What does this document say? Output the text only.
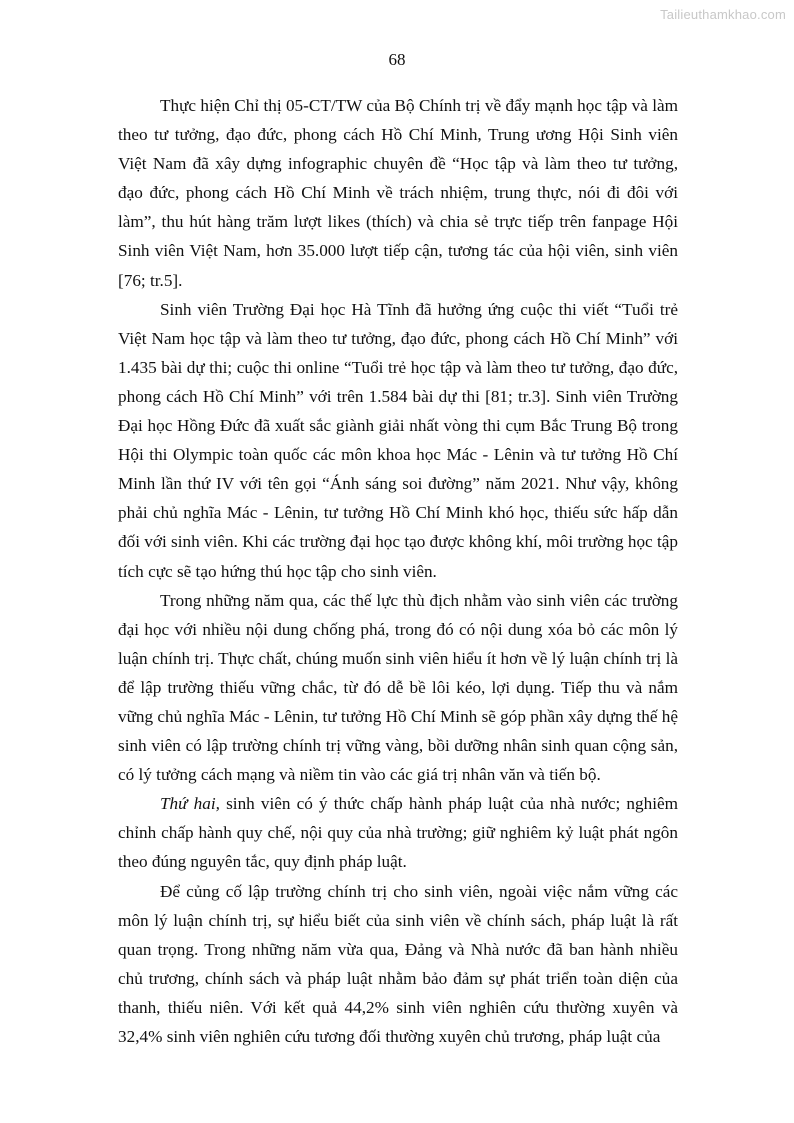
Tailieuthamkhao.com
68

Thực hiện Chỉ thị 05-CT/TW của Bộ Chính trị về đẩy mạnh học tập và làm theo tư tưởng, đạo đức, phong cách Hồ Chí Minh, Trung ương Hội Sinh viên Việt Nam đã xây dựng infographic chuyên đề “Học tập và làm theo tư tưởng, đạo đức, phong cách Hồ Chí Minh về trách nhiệm, trung thực, nói đi đôi với làm”, thu hút hàng trăm lượt likes (thích) và chia sẻ trực tiếp trên fanpage Hội Sinh viên Việt Nam, hơn 35.000 lượt tiếp cận, tương tác của hội viên, sinh viên [76; tr.5].

Sinh viên Trường Đại học Hà Tĩnh đã hưởng ứng cuộc thi viết “Tuổi trẻ Việt Nam học tập và làm theo tư tưởng, đạo đức, phong cách Hồ Chí Minh” với 1.435 bài dự thi; cuộc thi online “Tuổi trẻ học tập và làm theo tư tưởng, đạo đức, phong cách Hồ Chí Minh” với trên 1.584 bài dự thi [81; tr.3]. Sinh viên Trường Đại học Hồng Đức đã xuất sắc giành giải nhất vòng thi cụm Bắc Trung Bộ trong Hội thi Olympic toàn quốc các môn khoa học Mác - Lênin và tư tưởng Hồ Chí Minh lần thứ IV với tên gọi “Ánh sáng soi đường” năm 2021. Như vậy, không phải chủ nghĩa Mác - Lênin, tư tưởng Hồ Chí Minh khó học, thiếu sức hấp dẫn đối với sinh viên. Khi các trường đại học tạo được không khí, môi trường học tập tích cực sẽ tạo hứng thú học tập cho sinh viên.

Trong những năm qua, các thế lực thù địch nhằm vào sinh viên các trường đại học với nhiều nội dung chống phá, trong đó có nội dung xóa bỏ các môn lý luận chính trị. Thực chất, chúng muốn sinh viên hiểu ít hơn về lý luận chính trị là để lập trường thiếu vững chắc, từ đó dễ bề lôi kéo, lợi dụng. Tiếp thu và nắm vững chủ nghĩa Mác - Lênin, tư tưởng Hồ Chí Minh sẽ góp phần xây dựng thế hệ sinh viên có lập trường chính trị vững vàng, bồi dưỡng nhân sinh quan cộng sản, có lý tưởng cách mạng và niềm tin vào các giá trị nhân văn và tiến bộ.

Thứ hai, sinh viên có ý thức chấp hành pháp luật của nhà nước; nghiêm chỉnh chấp hành quy chế, nội quy của nhà trường; giữ nghiêm kỷ luật phát ngôn theo đúng nguyên tắc, quy định pháp luật.

Để củng cố lập trường chính trị cho sinh viên, ngoài việc nắm vững các môn lý luận chính trị, sự hiểu biết của sinh viên về chính sách, pháp luật là rất quan trọng. Trong những năm vừa qua, Đảng và Nhà nước đã ban hành nhiều chủ trương, chính sách và pháp luật nhằm bảo đảm sự phát triển toàn diện của thanh, thiếu niên. Với kết quả 44,2% sinh viên nghiên cứu thường xuyên và 32,4% sinh viên nghiên cứu tương đối thường xuyên chủ trương, pháp luật của
